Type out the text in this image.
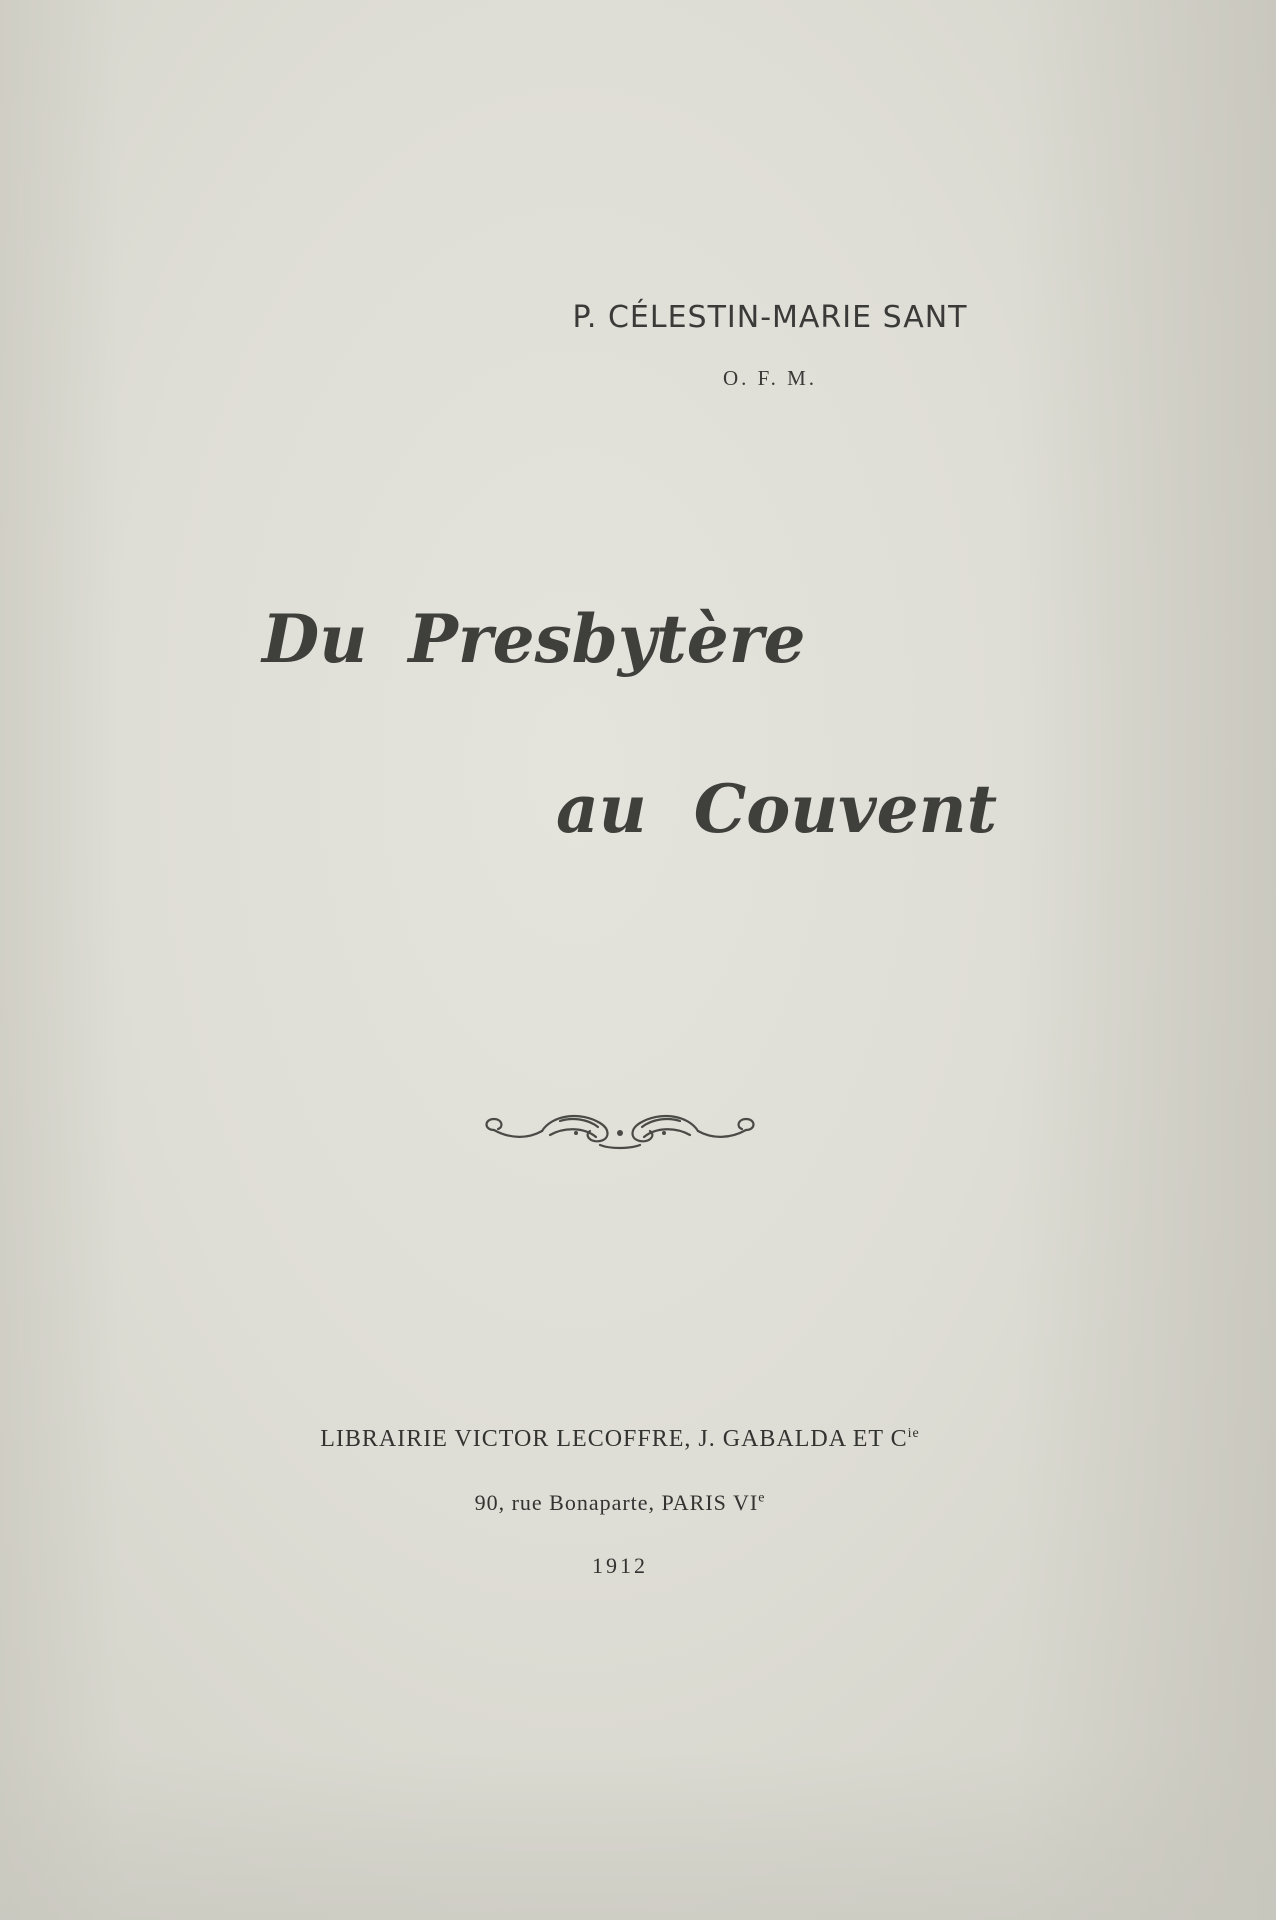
P. CÉLESTIN-MARIE SANT
O. F. M.
Du Presbytère
au Couvent
LIBRAIRIE VICTOR LECOFFRE, J. GABALDA ET $C^{ie}$
90, rue Bonaparte, PARIS VIe
1912
